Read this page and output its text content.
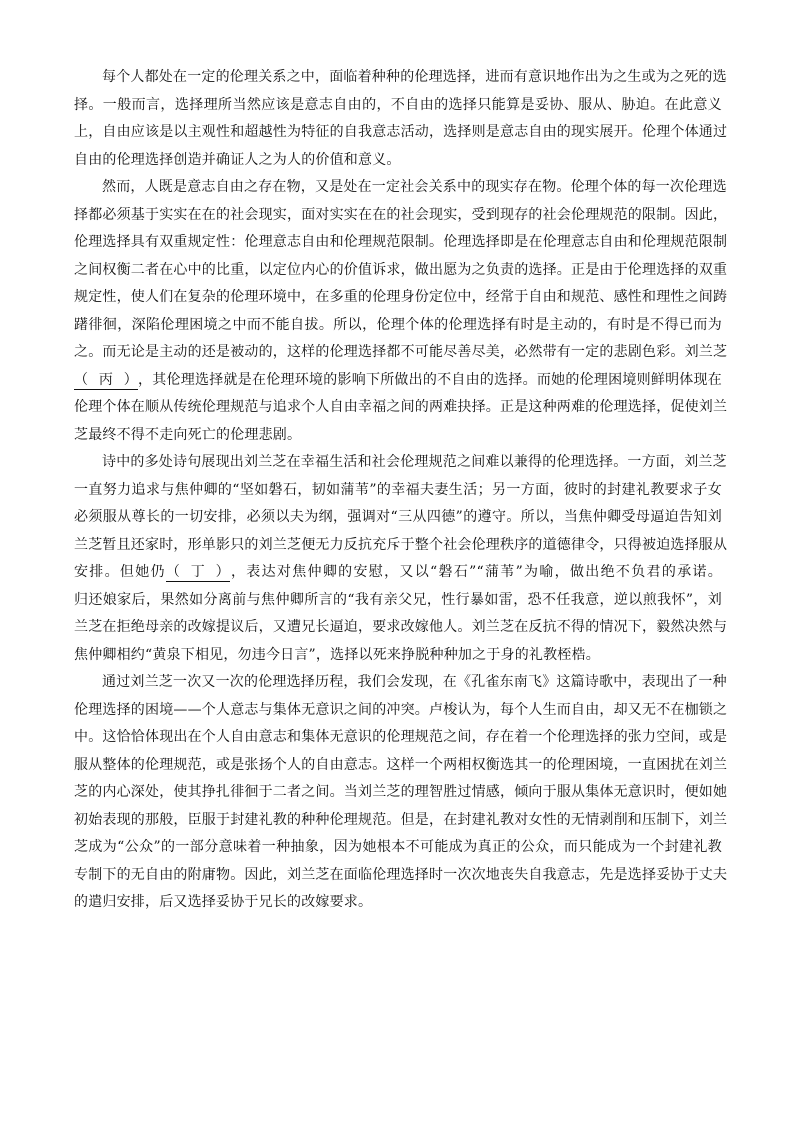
每个人都处在一定的伦理关系之中，面临着种种的伦理选择，进而有意识地作出为之生或为之死的选
择。一般而言，选择理所当然应该是意志自由的，不自由的选择只能算是妥协、服从、胁迫。在此意义
上，自由应该是以主观性和超越性为特征的自我意志活动，选择则是意志自由的现实展开。伦理个体通过
自由的伦理选择创造并确证人之为人的价值和意义。
然而，人既是意志自由之存在物，又是处在一定社会关系中的现实存在物。伦理个体的每一次伦理选
择都必须基于实实在在的社会现实，面对实实在在的社会现实，受到现存的社会伦理规范的限制。因此，
伦理选择具有双重规定性：伦理意志自由和伦理规范限制。伦理选择即是在伦理意志自由和伦理规范限制
之间权衡二者在心中的比重，以定位内心的价值诉求，做出愿为之负责的选择。正是由于伦理选择的双重
规定性，使人们在复杂的伦理环境中，在多重的伦理身份定位中，经常于自由和规范、感性和理性之间踌
躇徘徊，深陷伦理困境之中而不能自拔。所以，伦理个体的伦理选择有时是主动的，有时是不得已而为
之。而无论是主动的还是被动的，这样的伦理选择都不可能尽善尽美，必然带有一定的悲剧色彩。刘兰芝
（丙），其伦理选择就是在伦理环境的影响下所做出的不自由的选择。而她的伦理困境则鲜明体现在
伦理个体在顺从传统伦理规范与追求个人自由幸福之间的两难抉择。正是这种两难的伦理选择，促使刘兰
芝最终不得不走向死亡的伦理悲剧。
诗中的多处诗句展现出刘兰芝在幸福生活和社会伦理规范之间难以兼得的伦理选择。一方面，刘兰芝
一直努力追求与焦仲卿的“坚如磐石，韧如蒲苇”的幸福夫妻生活；另一方面，彼时的封建礼教要求子女
必须服从尊长的一切安排，必须以夫为纲，强调对“三从四德”的遵守。所以，当焦仲卿受母逼迫告知刘
兰芝暂且还家时，形单影只的刘兰芝便无力反抗充斥于整个社会伦理秩序的道德律令，只得被迫选择服从
安排。但她仍（丁），表达对焦仲卿的安慰，又以“磐石”“蒲苇”为喻，做出绝不负君的承诺。
归还娘家后，果然如分离前与焦仲卿所言的“我有亲父兄，性行暴如雷，恐不任我意，逆以煎我怀”，刘
兰芝在拒绝母亲的改嫁提议后，又遭兄长逼迫，要求改嫁他人。刘兰芝在反抗不得的情况下，毅然决然与
焦仲卿相约“黄泉下相见，勿违今日言”，选择以死来挣脱种种加之于身的礼教桎梏。
通过刘兰芝一次又一次的伦理选择历程，我们会发现，在《孔雀东南飞》这篇诗歌中，表现出了一种
伦理选择的困境——个人意志与集体无意识之间的冲突。卢梭认为，每个人生而自由，却又无不在枷锁之
中。这恰恰体现出在个人自由意志和集体无意识的伦理规范之间，存在着一个伦理选择的张力空间，或是
服从整体的伦理规范，或是张扬个人的自由意志。这样一个两相权衡选其一的伦理困境，一直困扰在刘兰
芝的内心深处，使其挣扎徘徊于二者之间。当刘兰芝的理智胜过情感，倾向于服从集体无意识时，便如她
初始表现的那般，臣服于封建礼教的种种伦理规范。但是，在封建礼教对女性的无情剥削和压制下，刘兰
芝成为“公众”的一部分意味着一种抽象，因为她根本不可能成为真正的公众，而只能成为一个封建礼教
专制下的无自由的附庸物。因此，刘兰芝在面临伦理选择时一次次地丧失自我意志，先是选择妥协于丈夫
的遣归安排，后又选择妥协于兄长的改嫁要求。
